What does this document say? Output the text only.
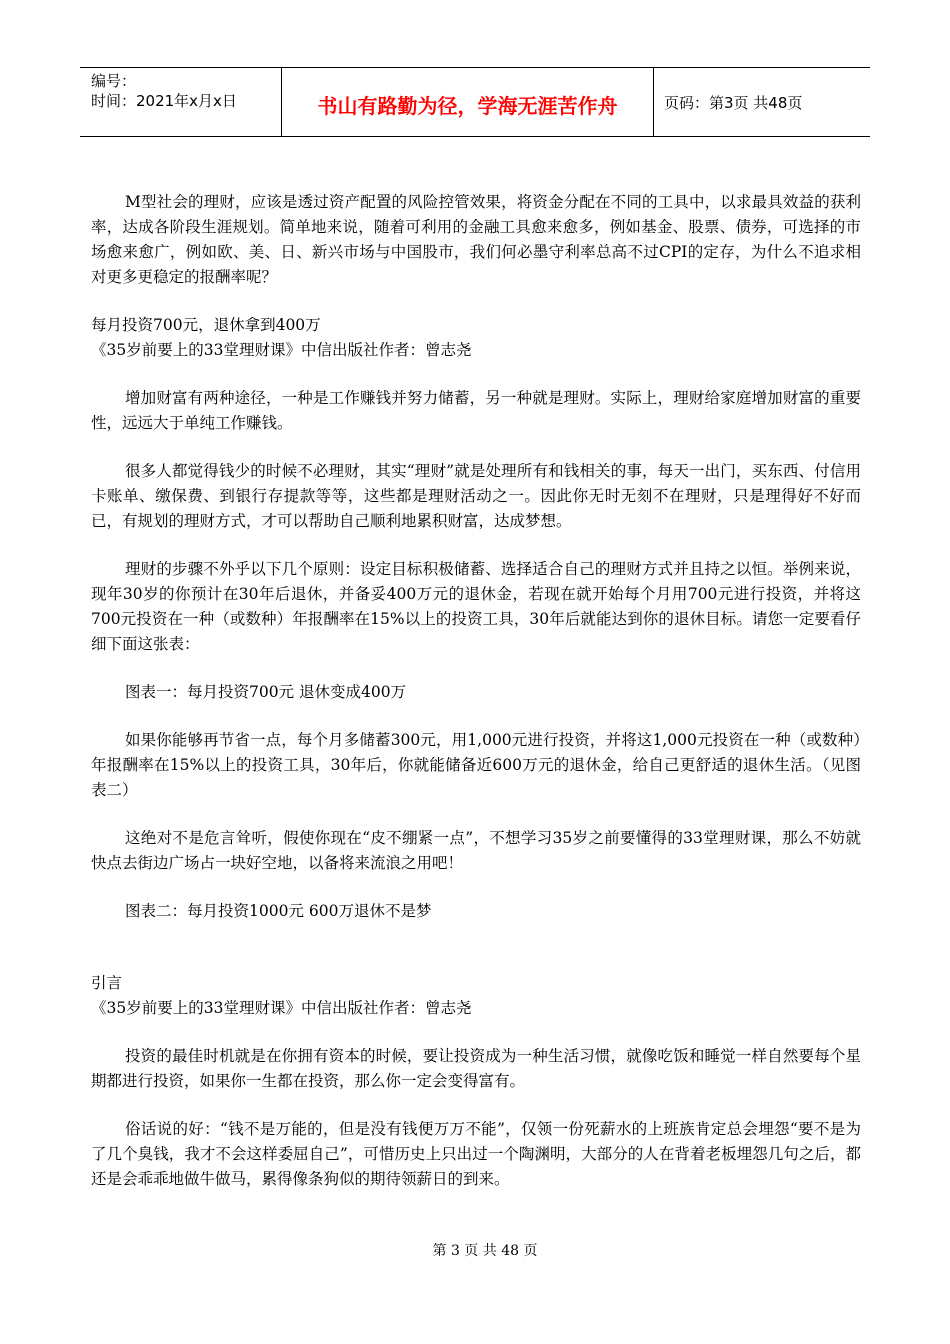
编号：
时间：2021年x月x日	书山有路勤为径，学海无涯苦作舟	页码：第3页 共48页

M型社会的理财，应该是透过资产配置的风险控管效果，将资金分配在不同的工具中，以求最具效益的获利率，达成各阶段生涯规划。简单地来说，随着可利用的金融工具愈来愈多，例如基金、股票、债券，可选择的市场愈来愈广，例如欧、美、日、新兴市场与中国股市，我们何必墨守利率总高不过CPI的定存，为什么不追求相对更多更稳定的报酬率呢？

每月投资700元，退休拿到400万

《35岁前要上的33堂理财课》中信出版社作者：曾志尧

增加财富有两种途径，一种是工作赚钱并努力储蓄，另一种就是理财。实际上，理财给家庭增加财富的重要性，远远大于单纯工作赚钱。

很多人都觉得钱少的时候不必理财，其实“理财”就是处理所有和钱相关的事，每天一出门，买东西、付信用卡账单、缴保费、到银行存提款等等，这些都是理财活动之一。因此你无时无刻不在理财，只是理得好不好而已，有规划的理财方式，才可以帮助自己顺利地累积财富，达成梦想。

理财的步骤不外乎以下几个原则：设定目标积极储蓄、选择适合自己的理财方式并且持之以恒。举例来说，现年30岁的你预计在30年后退休，并备妥400万元的退休金，若现在就开始每个月用700元进行投资，并将这700元投资在一种（或数种）年报酬率在15%以上的投资工具，30年后就能达到你的退休目标。请您一定要看仔细下面这张表：

图表一：每月投资700元 退休变成400万

如果你能够再节省一点，每个月多储蓄300元，用1,000元进行投资，并将这1,000元投资在一种（或数种）年报酬率在15%以上的投资工具，30年后，你就能储备近600万元的退休金，给自己更舒适的退休生活。（见图表二）

这绝对不是危言耸听，假使你现在“皮不绷紧一点”，不想学习35岁之前要懂得的33堂理财课，那么不妨就快点去街边广场占一块好空地，以备将来流浪之用吧！

图表二：每月投资1000元 600万退休不是梦

引言

《35岁前要上的33堂理财课》中信出版社作者：曾志尧

投资的最佳时机就是在你拥有资本的时候，要让投资成为一种生活习惯，就像吃饭和睡觉一样自然要每个星期都进行投资，如果你一生都在投资，那么你一定会变得富有。

俗话说的好：“钱不是万能的，但是没有钱便万万不能”，仅领一份死薪水的上班族肯定总会埋怨“要不是为了几个臭钱，我才不会这样委屈自己”，可惜历史上只出过一个陶渊明，大部分的人在背着老板埋怨几句之后，都还是会乖乖地做牛做马，累得像条狗似的期待领薪日的到来。

第 3 页 共 48 页
